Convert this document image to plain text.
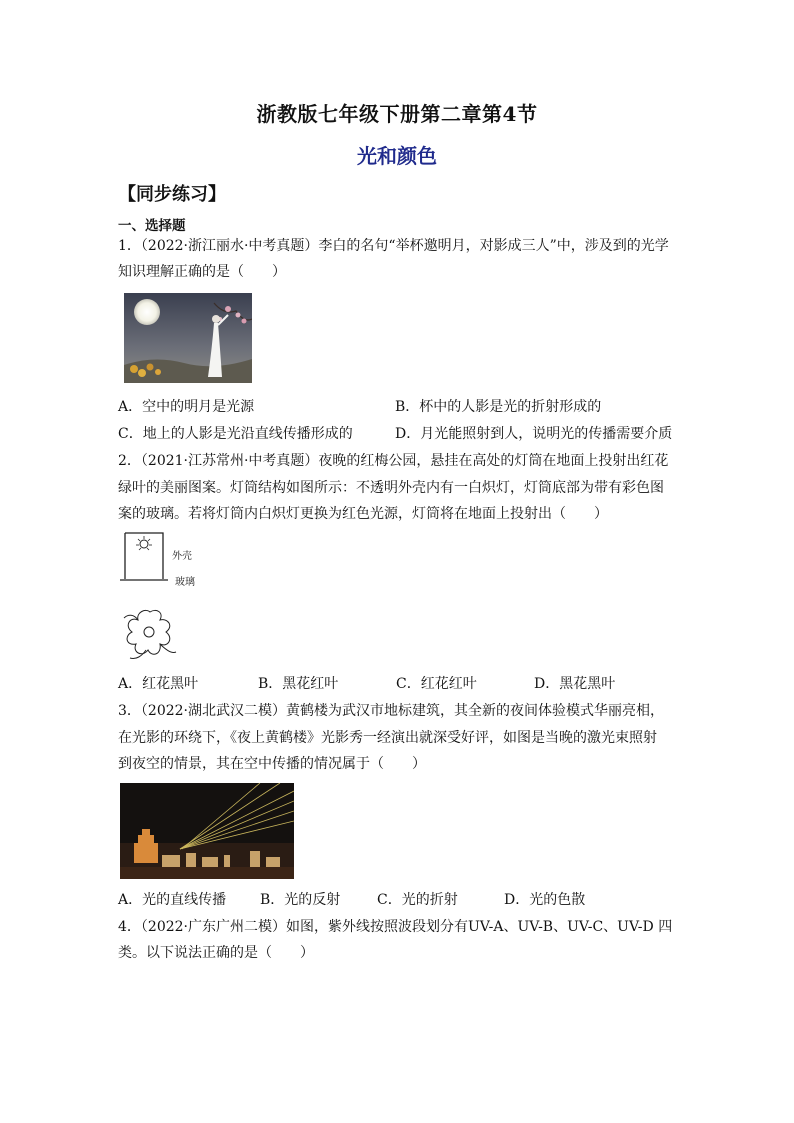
浙教版七年级下册第二章第4节
光和颜色
【同步练习】
一、选择题
1．（2022·浙江丽水·中考真题）李白的名句“举杯邀明月，对影成三人”中，涉及到的光学
知识理解正确的是（　　）
A．空中的明月是光源	B．杯中的人影是光的折射形成的
C．地上的人影是光沿直线传播形成的	D．月光能照射到人，说明光的传播需要介质
2．（2021·江苏常州·中考真题）夜晚的红梅公园，悬挂在高处的灯筒在地面上投射出红花
绿叶的美丽图案。灯筒结构如图所示：不透明外壳内有一白炽灯，灯筒底部为带有彩色图
案的玻璃。若将灯筒内白炽灯更换为红色光源，灯筒将在地面上投射出（　　）
外壳
玻璃
A．红花黑叶	B．黑花红叶	C．红花红叶	D．黑花黑叶
3．（2022·湖北武汉二模）黄鹤楼为武汉市地标建筑，其全新的夜间体验模式华丽亮相，
在光影的环绕下，《夜上黄鹤楼》光影秀一经演出就深受好评，如图是当晚的激光束照射
到夜空的情景，其在空中传播的情况属于（　　）
A．光的直线传播 B．光的反射	C．光的折射	D．光的色散
4．（2022·广东广州二模）如图，紫外线按照波段划分有UV-A、UV-B、UV-C、UV-D 四
类。以下说法正确的是（　　）
